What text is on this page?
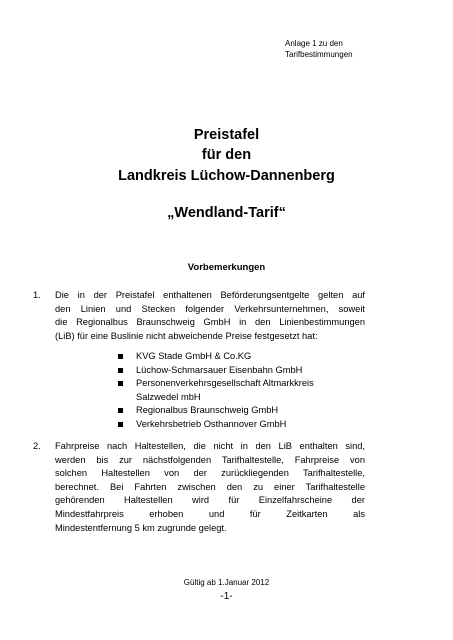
Anlage 1 zu den
Tarifbestimmungen
Preistafel
für den
Landkreis Lüchow-Dannenberg
„Wendland-Tarif“
Vorbemerkungen
1. Die in der Preistafel enthaltenen Beförderungsentgelte gelten auf
den Linien und Stecken folgender Verkehrsunternehmen, soweit
die Regionalbus Braunschweig GmbH in den Linienbestimmungen
(LiB) für eine Buslinie nicht abweichende Preise festgesetzt hat:
KVG Stade GmbH & Co.KG
Lüchow-Schmarsauer Eisenbahn GmbH
Personenverkehrsgesellschaft Altmarkkreis
Salzwedel mbH
Regionalbus Braunschweig GmbH
Verkehrsbetrieb Osthannover GmbH
2. Fahrpreise nach Haltestellen, die nicht in den LiB enthalten sind,
werden bis zur nächstfolgenden Tarifhaltestelle, Fahrpreise von
solchen Haltestellen von der zurückliegenden Tarifhaltestelle,
berechnet. Bei Fahrten zwischen den zu einer Tarifhaltestelle
gehörenden Haltestellen wird für Einzelfahrscheine der
Mindestfahrpreis erhoben und für Zeitkarten als
Mindestentfernung 5 km zugrunde gelegt.
Gültig ab 1.Januar 2012
-1-
